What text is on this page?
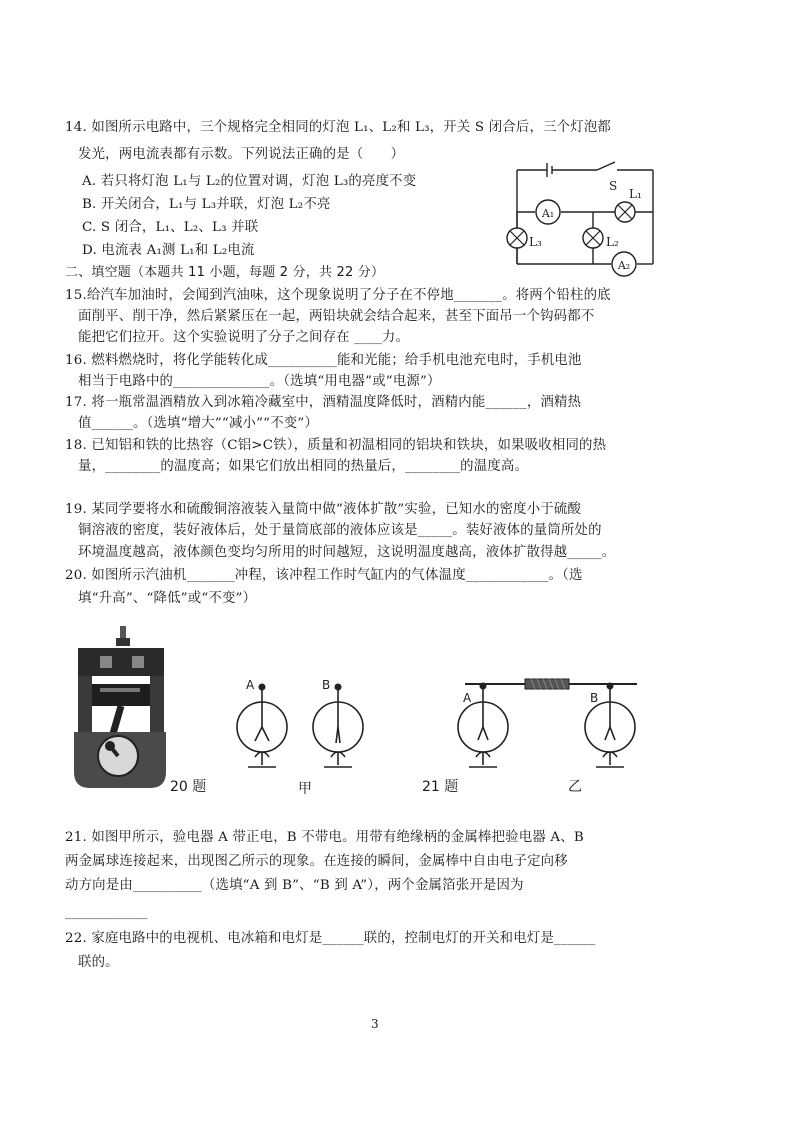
14. 如图所示电路中，三个规格完全相同的灯泡 L₁、L₂和 L₃，开关 S 闭合后，三个灯泡都
发光，两电流表都有示数。下列说法正确的是（　　）
A. 若只将灯泡 L₁与 L₂的位置对调，灯泡 L₃的亮度不变
B. 开关闭合，L₁与 L₃并联，灯泡 L₂不亮
C. S 闭合，L₁、L₂、L₃ 并联
D. 电流表 A₁测 L₁和 L₂电流
A₁
A₂
S
L₁
L₃	L₂
二、填空题（本题共 11 小题，每题 2 分，共 22 分）
15.给汽车加油时，会闻到汽油味，这个现象说明了分子在不停地_______。将两个铅柱的底
面削平、削干净，然后紧紧压在一起，两铅块就会结合起来，甚至下面吊一个钩码都不
能把它们拉开。这个实验说明了分子之间存在 ____力。
16. 燃料燃烧时，将化学能转化成__________能和光能；给手机电池充电时，手机电池
相当于电路中的______________。（选填“用电器”或“电源”）
17. 将一瓶常温酒精放入到冰箱冷藏室中，酒精温度降低时，酒精内能______，酒精热
值______。（选填“增大”“减小”“不变”）
18. 已知铝和铁的比热容（C铝>C铁），质量和初温相同的铝块和铁块，如果吸收相同的热
量，________的温度高；如果它们放出相同的热量后，________的温度高。
19. 某同学要将水和硫酸铜溶液装入量筒中做“液体扩散”实验，已知水的密度小于硫酸
铜溶液的密度，装好液体后，处于量筒底部的液体应该是_____。装好液体的量筒所处的
环境温度越高，液体颜色变均匀所用的时间越短，这说明温度越高，液体扩散得越_____。
20. 如图所示汽油机_______冲程，该冲程工作时气缸内的气体温度____________。（选
填“升高”、“降低”或“不变”）
20 题
A	B
甲
A	B
21 题	乙
21. 如图甲所示，验电器 A 带正电，B 不带电。用带有绝缘柄的金属棒把验电器 A、B
两金属球连接起来，出现图乙所示的现象。在连接的瞬间，金属棒中自由电子定向移
动方向是由__________（选填“A 到 B”、“B 到 A”），两个金属箔张开是因为
____________
22. 家庭电路中的电视机、电冰箱和电灯是______联的，控制电灯的开关和电灯是______
联的。
3
